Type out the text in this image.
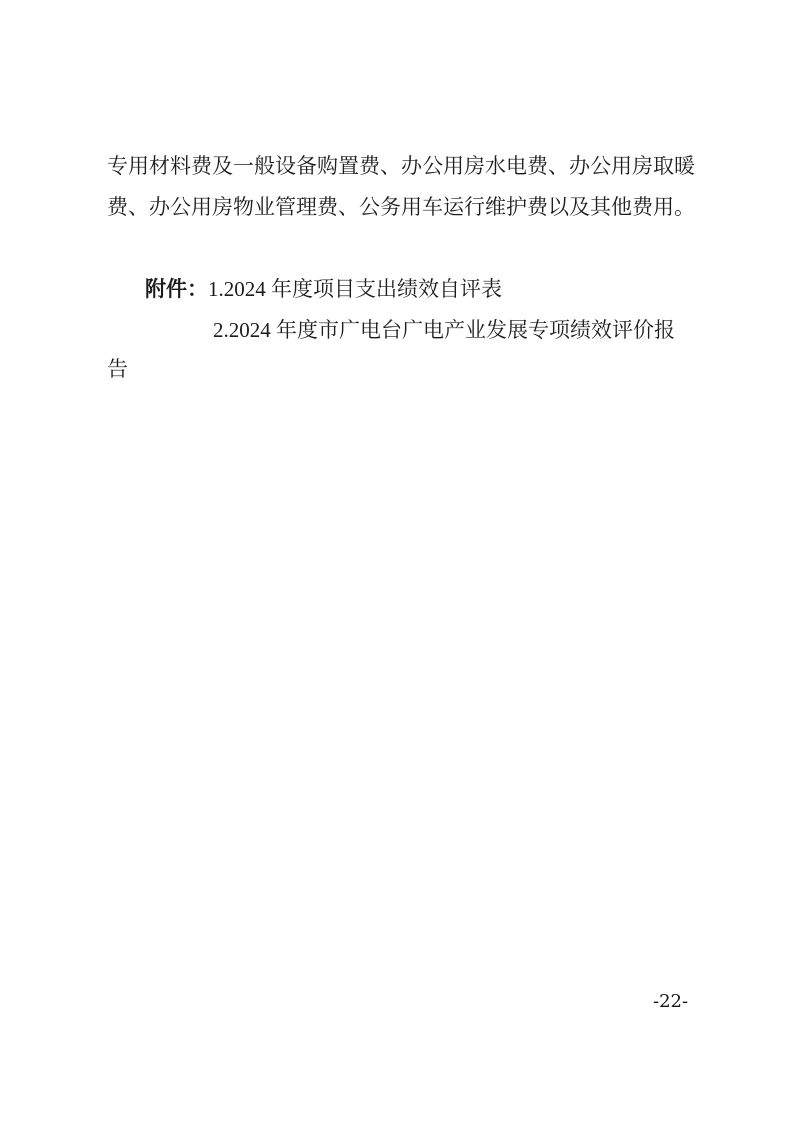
专用材料费及一般设备购置费、办公用房水电费、办公用房取暖
费、办公用房物业管理费、公务用车运行维护费以及其他费用。
附件：1.2024 年度项目支出绩效自评表
2.2024 年度市广电台广电产业发展专项绩效评价报
告
-22-
